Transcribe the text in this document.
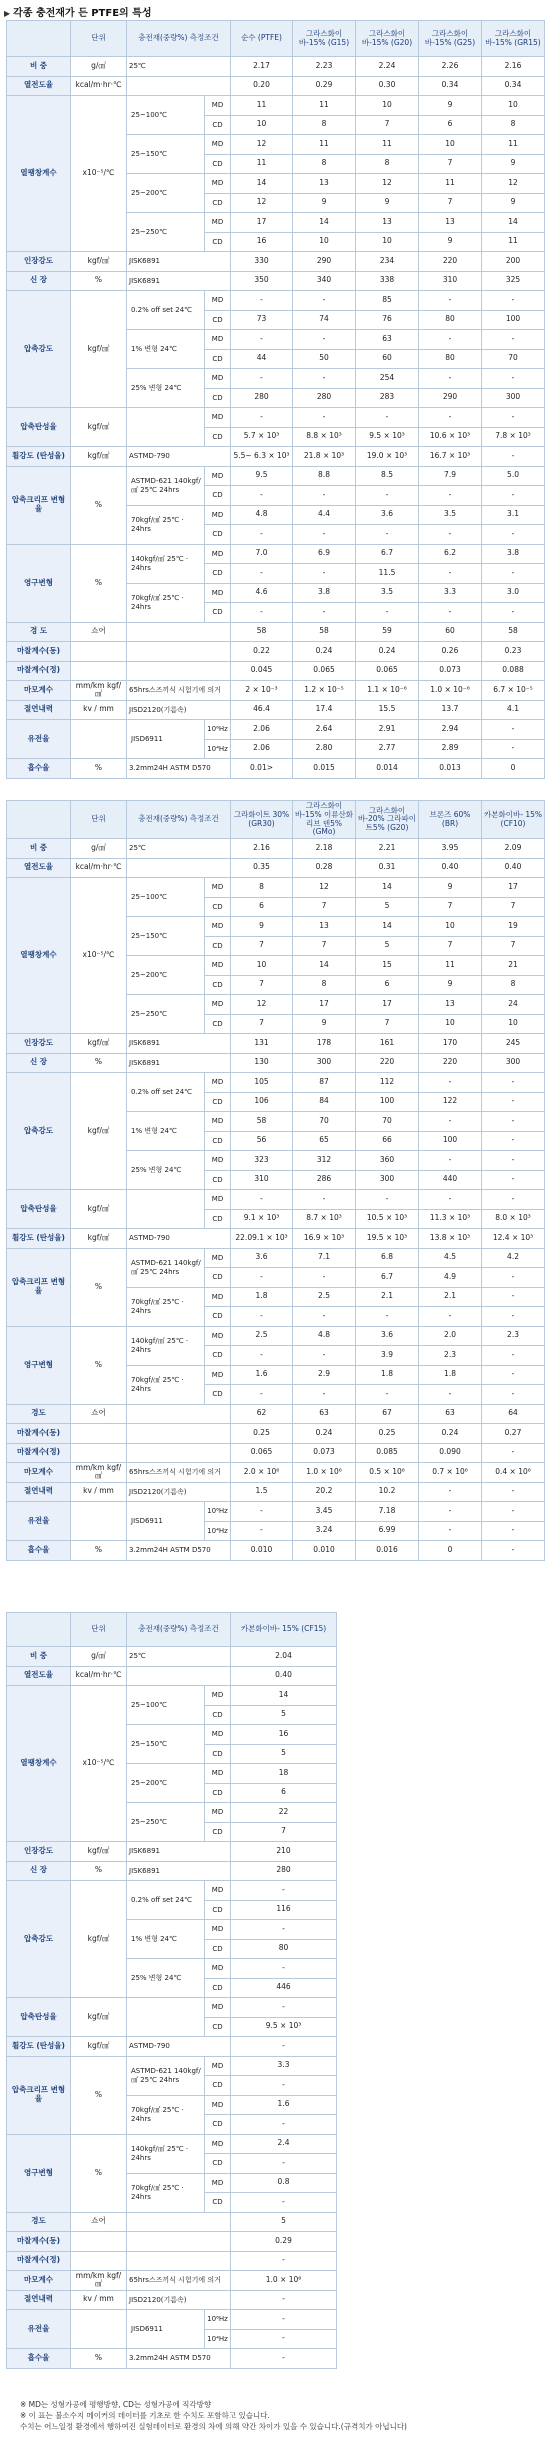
▶ 각종 충전재가 든 PTFE의 특성
	단위	충전재(중량%) 측정조건		순수 (PTFE)	그라스화이 바-15% (G15)	그라스화이 바-15% (G20)	그라스화이 바-15% (G25)	그라스화이 바-15% (GR15)
비 중	g/㎤	25℃		2.17	2.23	2.24	2.26	2.16
열전도율	kcal/m·hr·℃			0.20	0.29	0.30	0.34	0.34
열팽창계수	x10⁻⁵/℃	25~100℃	MD	11	11	10	9	10
			CD	10	8	7	6	8
		25~150℃	MD	12	11	11	10	11
			CD	11	8	8	7	9
		25~200℃	MD	14	13	12	11	12
			CD	12	9	9	7	9
		25~250℃	MD	17	14	13	13	14
			CD	16	10	10	9	11
인장강도	kgf/㎠	JISK6891		330	290	234	220	200
신 장	%	JISK6891		350	340	338	310	325
압축강도	kgf/㎠	0.2% off set 24℃	MD	-	-	85	-	-
			CD	73	74	76	80	100
		1% 변형 24℃	MD	-	-	63	-	-
			CD	44	50	60	80	70
		25% 변형 24℃	MD	-	-	254	-	-
			CD	280	280	283	290	300
압축탄성율	kgf/㎠		MD	-	-	-	-	-
			CD	5.7 × 10³	8.8 × 10³	9.5 × 10³	10.6 × 10³	7.8 × 10³
휨강도 (탄성율)	kgf/㎠	ASTMD-790		5.5~ 6.3 × 10³	21.8 × 10³	19.0 × 10³	16.7 × 10³	-
압축크리프 변형율	%	ASTMD-621 140kgf/㎠ 25℃ 24hrs	MD	9.5	8.8	8.5	7.9	5.0
			CD	-	-	-	-	-
		70kgf/㎠ 25℃ · 24hrs	MD	4.8	4.4	3.6	3.5	3.1
			CD	-	-	-	-	-
영구변형	%	140kgf/㎠ 25℃ · 24hrs	MD	7.0	6.9	6.7	6.2	3.8
			CD	-	-	11.5	-	-
		70kgf/㎠ 25℃ · 24hrs	MD	4.6	3.8	3.5	3.3	3.0
			CD	-	-	-	-	-
경 도	쇼어			58	58	59	60	58
마찰계수(동)				0.22	0.24	0.24	0.26	0.23
마찰계수(정)				0.045	0.065	0.065	0.073	0.088
마모계수	mm/km kgf/㎠	65hrs스즈끼식 시험기에 의거		2 × 10⁻³	1.2 × 10⁻⁵	1.1 × 10⁻⁶	1.0 × 10⁻⁶	6.7 × 10⁻⁵
절연내력	kv / mm	JISD2120(기름속)		46.4	17.4	15.5	13.7	4.1
유전율		JISD6911	10⁶Hz	2.06	2.64	2.91	2.94	-
			10⁴Hz	2.06	2.80	2.77	2.89	-
흡수율	%	3.2mm24H ASTM D570		0.01>	0.015	0.014	0.013	0
	단위	충전재(중량%) 측정조건		그라화이트 30% (GR30)	그라스화이 바-15% 이류산화리브 덴5% (GMo)	그라스화이 바-20% 그라파이트5% (G20)	브론즈 60% (BR)	카본화이바- 15% (CF10)
비 중	g/㎤	25℃		2.16	2.18	2.21	3.95	2.09
열전도율	kcal/m·hr·℃			0.35	0.28	0.31	0.40	0.40
열팽창계수	x10⁻⁵/℃	25~100℃	MD	8	12	14	9	17
			CD	6	7	5	7	7
		25~150℃	MD	9	13	14	10	19
			CD	7	7	5	7	7
		25~200℃	MD	10	14	15	11	21
			CD	7	8	6	9	8
		25~250℃	MD	12	17	17	13	24
			CD	7	9	7	10	10
인장강도	kgf/㎠	JISK6891		131	178	161	170	245
신 장	%	JISK6891		130	300	220	220	300
압축강도	kgf/㎠	0.2% off set 24℃	MD	105	87	112	-	-
			CD	106	84	100	122	-
		1% 변형 24℃	MD	58	70	70	-	-
			CD	56	65	66	100	-
		25% 변형 24℃	MD	323	312	360	-	-
			CD	310	286	300	440	-
압축탄성율	kgf/㎠		MD	-	-	-	-	-
			CD	9.1 × 10³	8.7 × 10³	10.5 × 10³	11.3 × 10³	8.0 × 10³
휨강도 (탄성율)	kgf/㎠	ASTMD-790		22.09.1 × 10³	16.9 × 10³	19.5 × 10³	13.8 × 10³	12.4 × 10³
압축크리프 변형율	%	ASTMD-621 140kgf/㎠ 25℃ 24hrs	MD	3.6	7.1	6.8	4.5	4.2
			CD	-	-	6.7	4.9	-
		70kgf/㎠ 25℃ · 24hrs	MD	1.8	2.5	2.1	2.1	-
			CD	-	-	-	-	-
영구변형	%	140kgf/㎠ 25℃ · 24hrs	MD	2.5	4.8	3.6	2.0	2.3
			CD	-	-	3.9	2.3	-
		70kgf/㎠ 25℃ · 24hrs	MD	1.6	2.9	1.8	1.8	-
			CD	-	-	-	-	-
경도	쇼어			62	63	67	63	64
마찰계수(동)				0.25	0.24	0.25	0.24	0.27
마찰계수(정)				0.065	0.073	0.085	0.090	-
마모계수	mm/km kgf/㎠	65hrs스즈끼식 시험기에 의거		2.0 × 10⁶	1.0 × 10⁶	0.5 × 10⁶	0.7 × 10⁶	0.4 × 10⁶
절연내력	kv / mm	JISD2120(기름속)		1.5	20.2	10.2	-	-
유전율		JISD6911	10⁶Hz	-	3.45	7.18	-	-
			10⁴Hz	-	3.24	6.99	-	-
흡수율	%	3.2mm24H ASTM D570		0.010	0.010	0.016	0	-
	단위	충전재(중량%) 측정조건		카본화이바- 15% (CF15)
비 중	g/㎤	25℃		2.04
열전도율	kcal/m·hr·℃			0.40
열팽창계수	x10⁻⁵/℃	25~100℃	MD	14
			CD	5
		25~150℃	MD	16
			CD	5
		25~200℃	MD	18
			CD	6
		25~250℃	MD	22
			CD	7
인장강도	kgf/㎠	JISK6891		210
신 장	%	JISK6891		280
압축강도	kgf/㎠	0.2% off set 24℃	MD	-
			CD	116
		1% 변형 24℃	MD	-
			CD	80
		25% 변형 24℃	MD	-
			CD	446
압축탄성율	kgf/㎠		MD	-
			CD	9.5 × 10³
휨강도 (탄성율)	kgf/㎠	ASTMD-790		-
압축크리프 변형율	%	ASTMD-621 140kgf/㎠ 25℃ 24hrs	MD	3.3
			CD	-
		70kgf/㎠ 25℃ · 24hrs	MD	1.6
			CD	-
영구변형	%	140kgf/㎠ 25℃ · 24hrs	MD	2.4
			CD	-
		70kgf/㎠ 25℃ · 24hrs	MD	0.8
			CD	-
경도	쇼어			5
마찰계수(동)				0.29
마찰계수(정)				-
마모계수	mm/km kgf/㎠	65hrs스즈끼식 시험기에 의거		1.0 × 10⁶
절연내력	kv / mm	JISD2120(기름속)		-
유전율		JISD6911	10⁶Hz	-
			10⁴Hz	-
흡수율	%	3.2mm24H ASTM D570		-
※ MD는 성형가공에 평행방향, CD는 성형가공에 직각방향
※ 이 표는 불소수지 메이커의 데이터를 기초로 한 수치도 포함하고 있습니다.
수치는 어느일정 환경에서 행하여진 실험데이터로 환경의 차에 의해 약간 차이가 있을 수 있습니다.(규격치가 아닙니다)
